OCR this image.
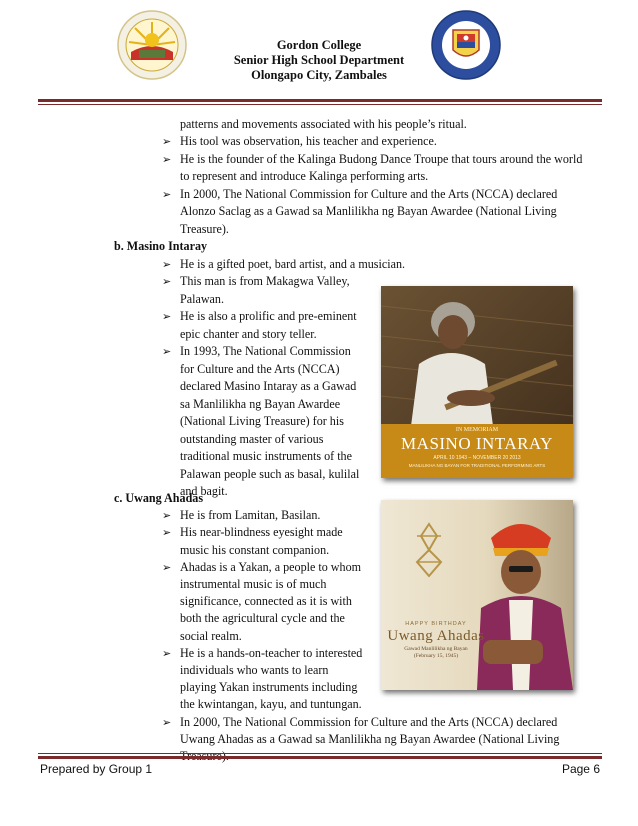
Gordon College
Senior High School Department
Olongapo City, Zambales
patterns and movements associated with his people’s ritual.
➢ His tool was observation, his teacher and experience.
➢ He is the founder of the Kalinga Budong Dance Troupe that tours around the world
to represent and introduce Kalinga performing arts.
➢ In 2000, The National Commission for Culture and the Arts (NCCA) declared
Alonzo Saclag as a Gawad sa Manlilikha ng Bayan Awardee (National Living
Treasure).
b. Masino Intaray
➢ He is a gifted poet, bard artist, and a musician.
➢ This man is from Makagwa Valley,
Palawan.
➢ He is also a prolific and pre-eminent
epic chanter and story teller.
➢ In 1993, The National Commission
for Culture and the Arts (NCCA)
declared Masino Intaray as a Gawad
sa Manlilikha ng Bayan Awardee
(National Living Treasure) for his
outstanding master of various
traditional music instruments of the
Palawan people such as basal, kulilal
and bagit.
c. Uwang Ahadas
He is from Lamitan, Basilan.
His near-blindness eyesight made
music his constant companion.
Ahadas is a Yakan, a people to whom
instrumental music is of much
significance, connected as it is with
both the agricultural cycle and the
social realm.
He is a hands-on-teacher to interested
individuals who wants to learn
playing Yakan instruments including
the kwintangan, kayu, and tuntungan.
In 2000, The National Commission for Culture and the Arts (NCCA) declared
Uwang Ahadas as a Gawad sa Manlilikha ng Bayan Awardee (National Living
➢
➢
➢
➢
➢
IN MEMORIAM
MASINO INTARAY
APRIL 10 1943 – NOVEMBER 20 2013
MANLILIKHA NG BAYAN FOR TRADITIONAL PERFORMING ARTS
HAPPY BIRTHDAY
Uwang Ahadas
Gawad Manlilikha ng Bayan
(February 15, 1945)
Prepared by Group 1	Page 6
